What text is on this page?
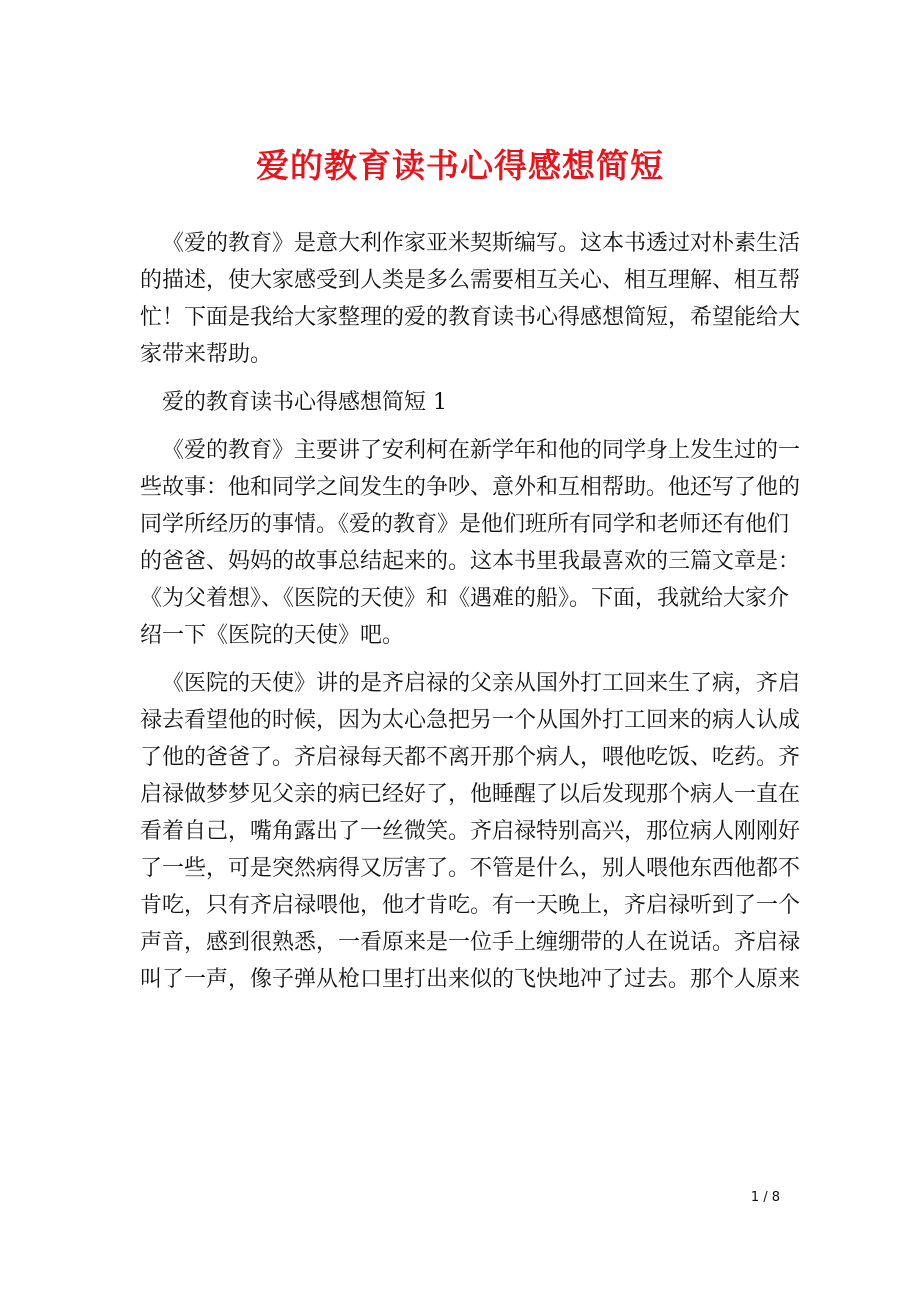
爱的教育读书心得感想简短
《爱的教育》是意大利作家亚米契斯编写。这本书透过对朴素生活
的描述，使大家感受到人类是多么需要相互关心、相互理解、相互帮
忙！下面是我给大家整理的爱的教育读书心得感想简短，希望能给大
家带来帮助。
爱的教育读书心得感想简短 1
《爱的教育》主要讲了安利柯在新学年和他的同学身上发生过的一
些故事：他和同学之间发生的争吵、意外和互相帮助。他还写了他的
同学所经历的事情。《爱的教育》是他们班所有同学和老师还有他们
的爸爸、妈妈的故事总结起来的。这本书里我最喜欢的三篇文章是：
《为父着想》、《医院的天使》和《遇难的船》。下面，我就给大家介
绍一下《医院的天使》吧。
《医院的天使》讲的是齐启禄的父亲从国外打工回来生了病，齐启
禄去看望他的时候，因为太心急把另一个从国外打工回来的病人认成
了他的爸爸了。齐启禄每天都不离开那个病人，喂他吃饭、吃药。齐
启禄做梦梦见父亲的病已经好了，他睡醒了以后发现那个病人一直在
看着自己，嘴角露出了一丝微笑。齐启禄特别高兴，那位病人刚刚好
了一些，可是突然病得又厉害了。不管是什么，别人喂他东西他都不
肯吃，只有齐启禄喂他，他才肯吃。有一天晚上，齐启禄听到了一个
声音，感到很熟悉，一看原来是一位手上缠绷带的人在说话。齐启禄
叫了一声，像子弹从枪口里打出来似的飞快地冲了过去。那个人原来
1 / 8
